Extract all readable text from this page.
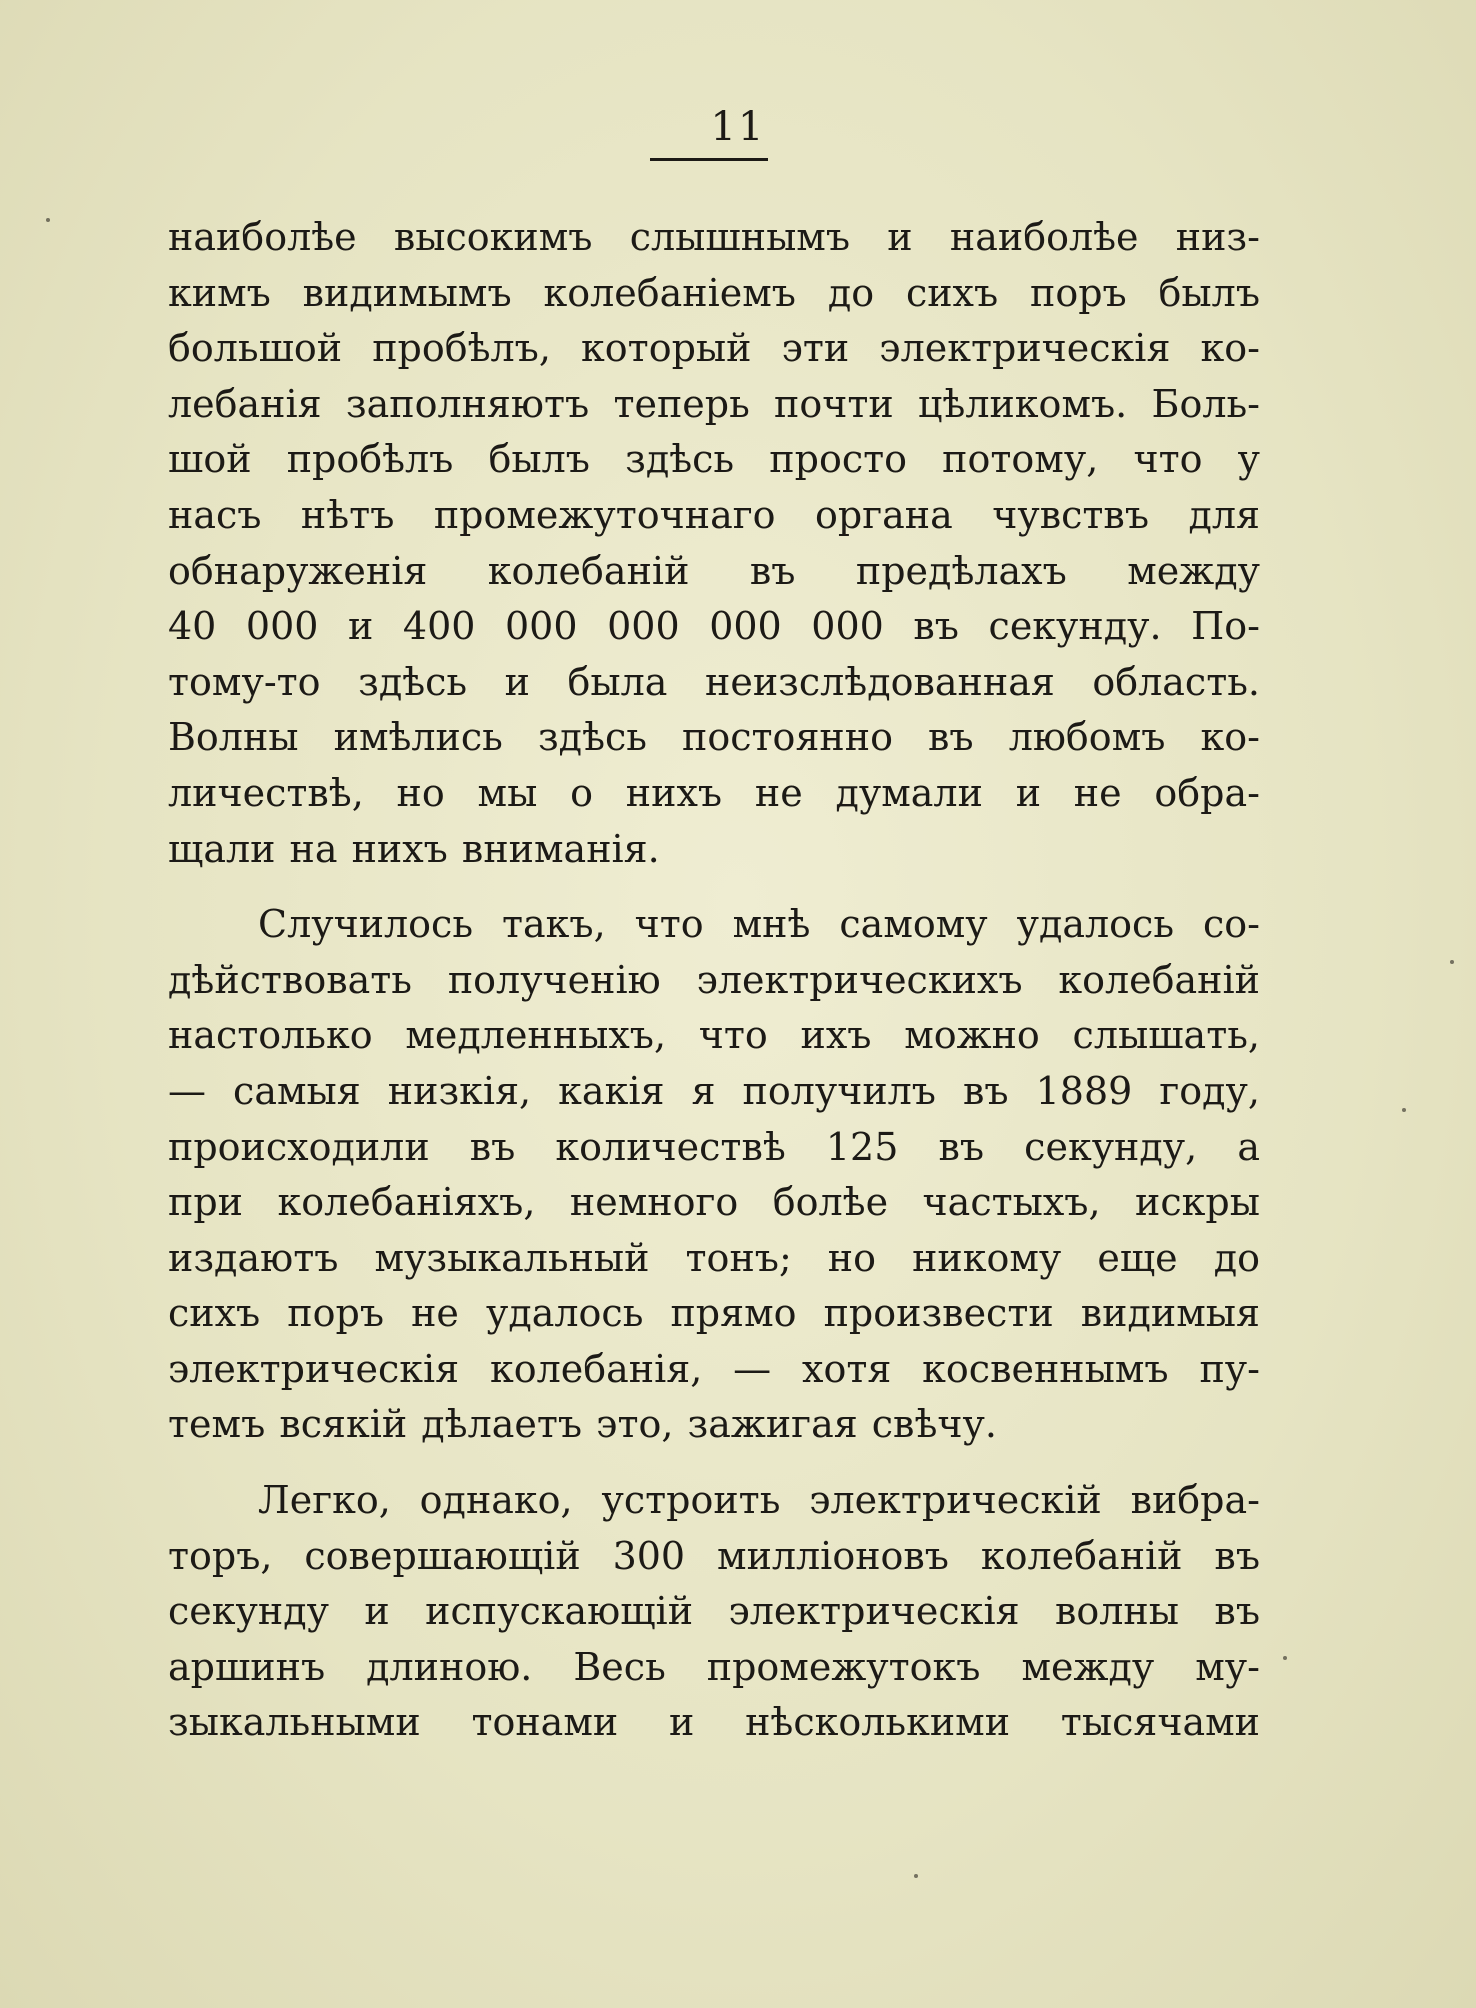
11
наиболѣе высокимъ слышнымъ и наиболѣе низ-
кимъ видимымъ колебанiемъ до сихъ поръ былъ
большой пробѣлъ, который эти электрическiя ко-
лебанiя заполняютъ теперь почти цѣликомъ. Боль-
шой пробѣлъ былъ здѣсь просто потому, что у
насъ нѣтъ промежуточнаго органа чувствъ для
обнаруженiя колебанiй въ предѣлахъ между
40 000 и 400 000 000 000 000 въ секунду. По-
тому-то здѣсь и была неизслѣдованная область.
Волны имѣлись здѣсь постоянно въ любомъ ко-
личествѣ, но мы о нихъ не думали и не обра-
щали на нихъ вниманiя.
Случилось такъ, что мнѣ самому удалось со-
дѣйствовать полученiю электрическихъ колебанiй
настолько медленныхъ, что ихъ можно слышать,
— самыя низкiя, какiя я получилъ въ 1889 году,
происходили въ количествѣ 125 въ секунду, а
при колебанiяхъ, немного болѣе частыхъ, искры
издаютъ музыкальный тонъ; но никому еще до
сихъ поръ не удалось прямо произвести видимыя
электрическiя колебанiя, — хотя косвеннымъ пу-
темъ всякiй дѣлаетъ это, зажигая свѣчу.
Легко, однако, устроить электрическiй вибра-
торъ, совершающiй 300 миллiоновъ колебанiй въ
секунду и испускающiй электрическiя волны въ
аршинъ длиною. Весь промежутокъ между му-
зыкальными тонами и нѣсколькими тысячами
